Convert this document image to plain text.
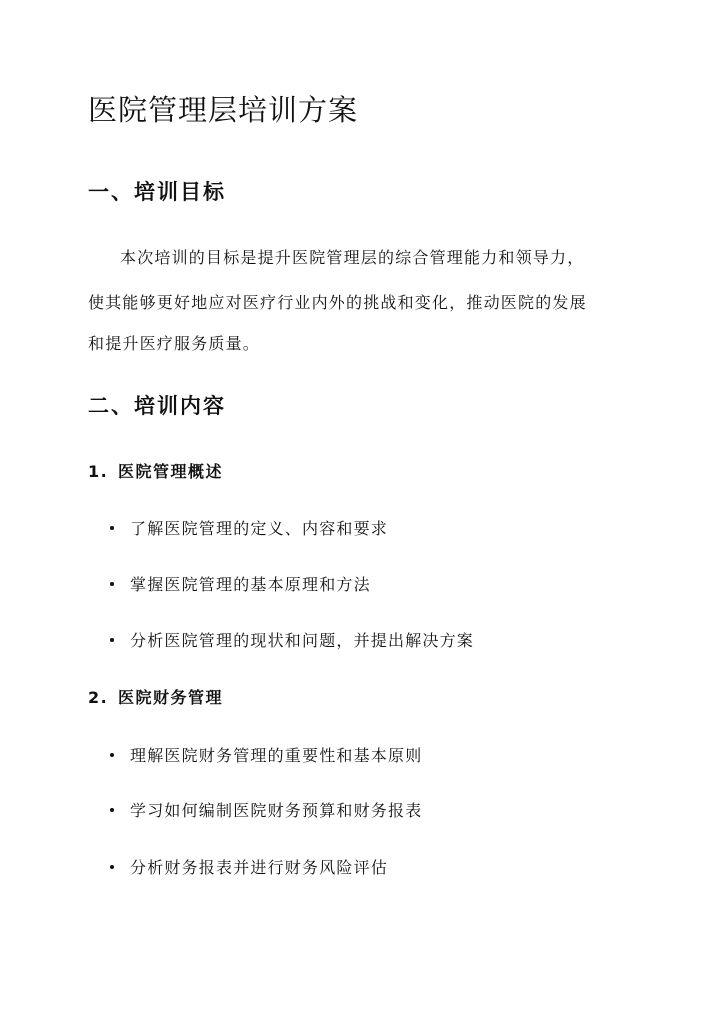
医院管理层培训方案
一、培训目标

本次培训的目标是提升医院管理层的综合管理能力和领导力，

使其能够更好地应对医疗行业内外的挑战和变化，推动医院的发展

和提升医疗服务质量。

二、培训内容

1. 医院管理概述

了解医院管理的定义、内容和要求

掌握医院管理的基本原理和方法

分析医院管理的现状和问题，并提出解决方案

2. 医院财务管理

理解医院财务管理的重要性和基本原则

学习如何编制医院财务预算和财务报表

分析财务报表并进行财务风险评估
